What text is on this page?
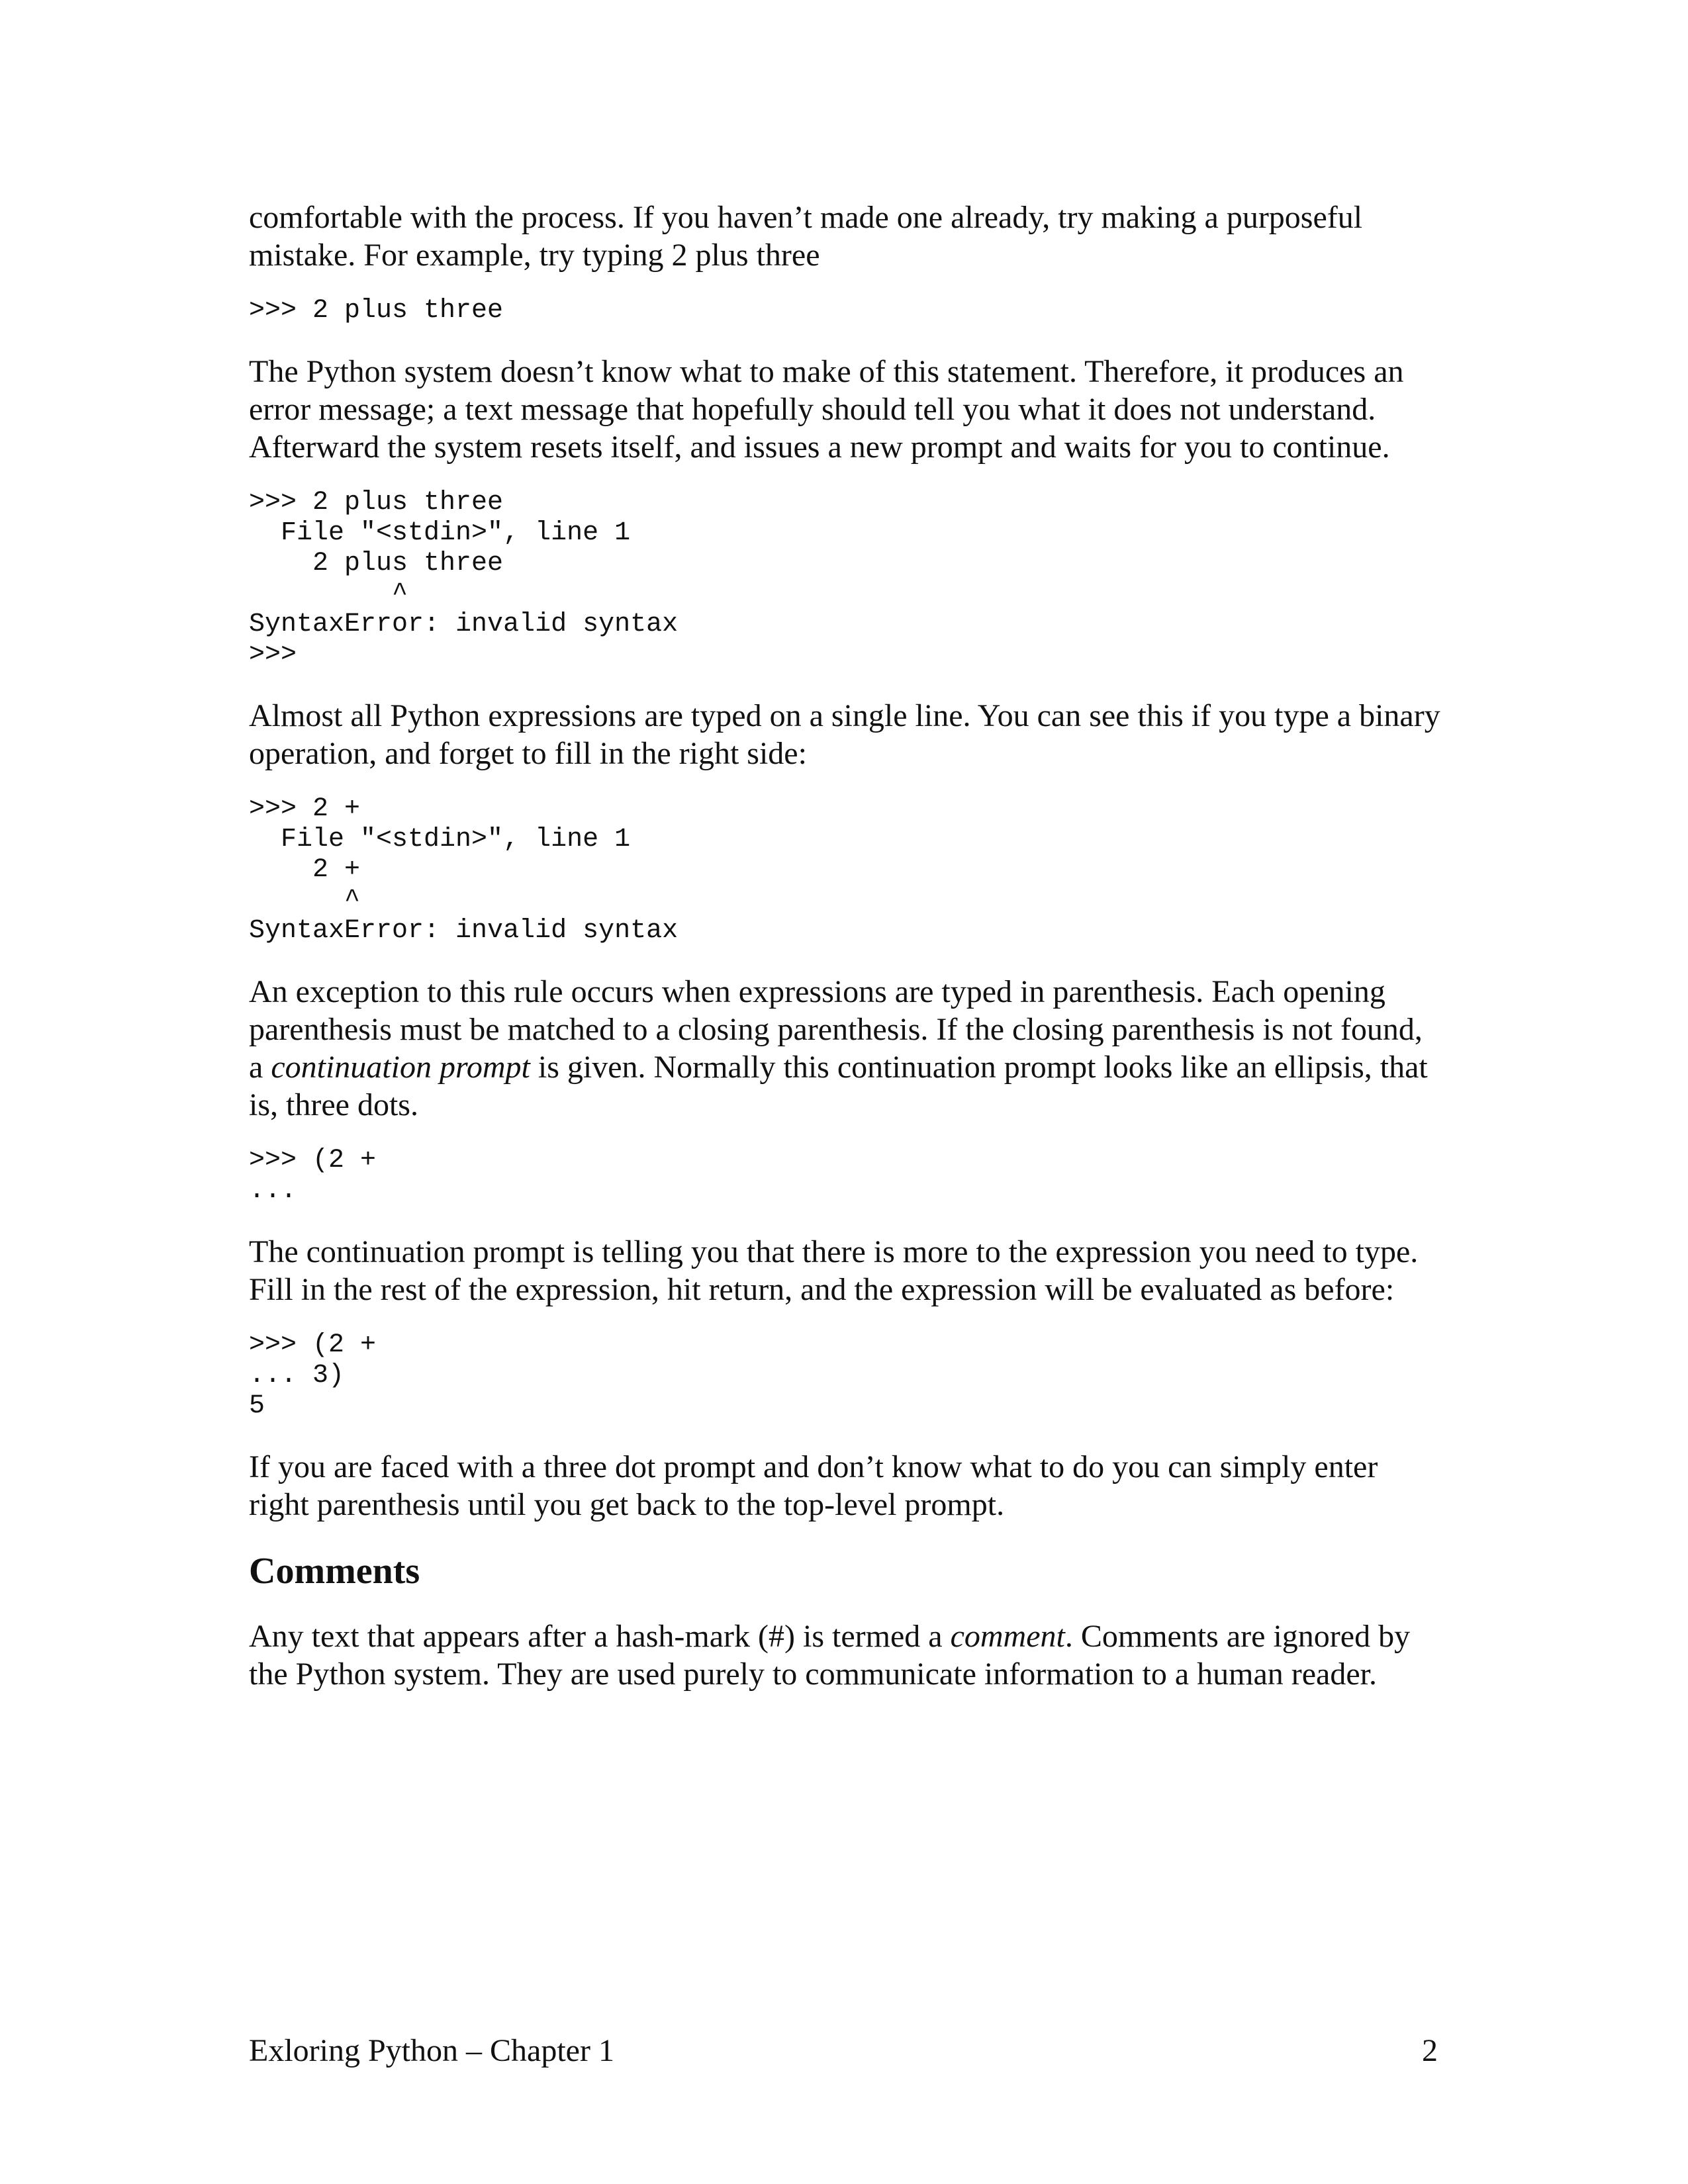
comfortable with the process. If you haven’t made one already, try making a purposeful mistake. For example, try typing 2 plus three

>>> 2 plus three

The Python system doesn’t know what to make of this statement. Therefore, it produces an error message; a text message that hopefully should tell you what it does not understand. Afterward the system resets itself, and issues a new prompt and waits for you to continue.

>>> 2 plus three
File "<stdin>", line 1
2 plus three
^
SyntaxError: invalid syntax
>>>

Almost all Python expressions are typed on a single line. You can see this if you type a binary operation, and forget to fill in the right side:

>>> 2 +
File "<stdin>", line 1
2 +
^
SyntaxError: invalid syntax

An exception to this rule occurs when expressions are typed in parenthesis. Each opening parenthesis must be matched to a closing parenthesis. If the closing parenthesis is not found, a continuation prompt is given. Normally this continuation prompt looks like an ellipsis, that is, three dots.

>>> (2 +
...

The continuation prompt is telling you that there is more to the expression you need to type. Fill in the rest of the expression, hit return, and the expression will be evaluated as before:

>>> (2 +
... 3)
5

If you are faced with a three dot prompt and don’t know what to do you can simply enter right parenthesis until you get back to the top-level prompt.

Comments

Any text that appears after a hash-mark (#) is termed a comment. Comments are ignored by the Python system. They are used purely to communicate information to a human reader.

Exloring Python – Chapter 1	2
